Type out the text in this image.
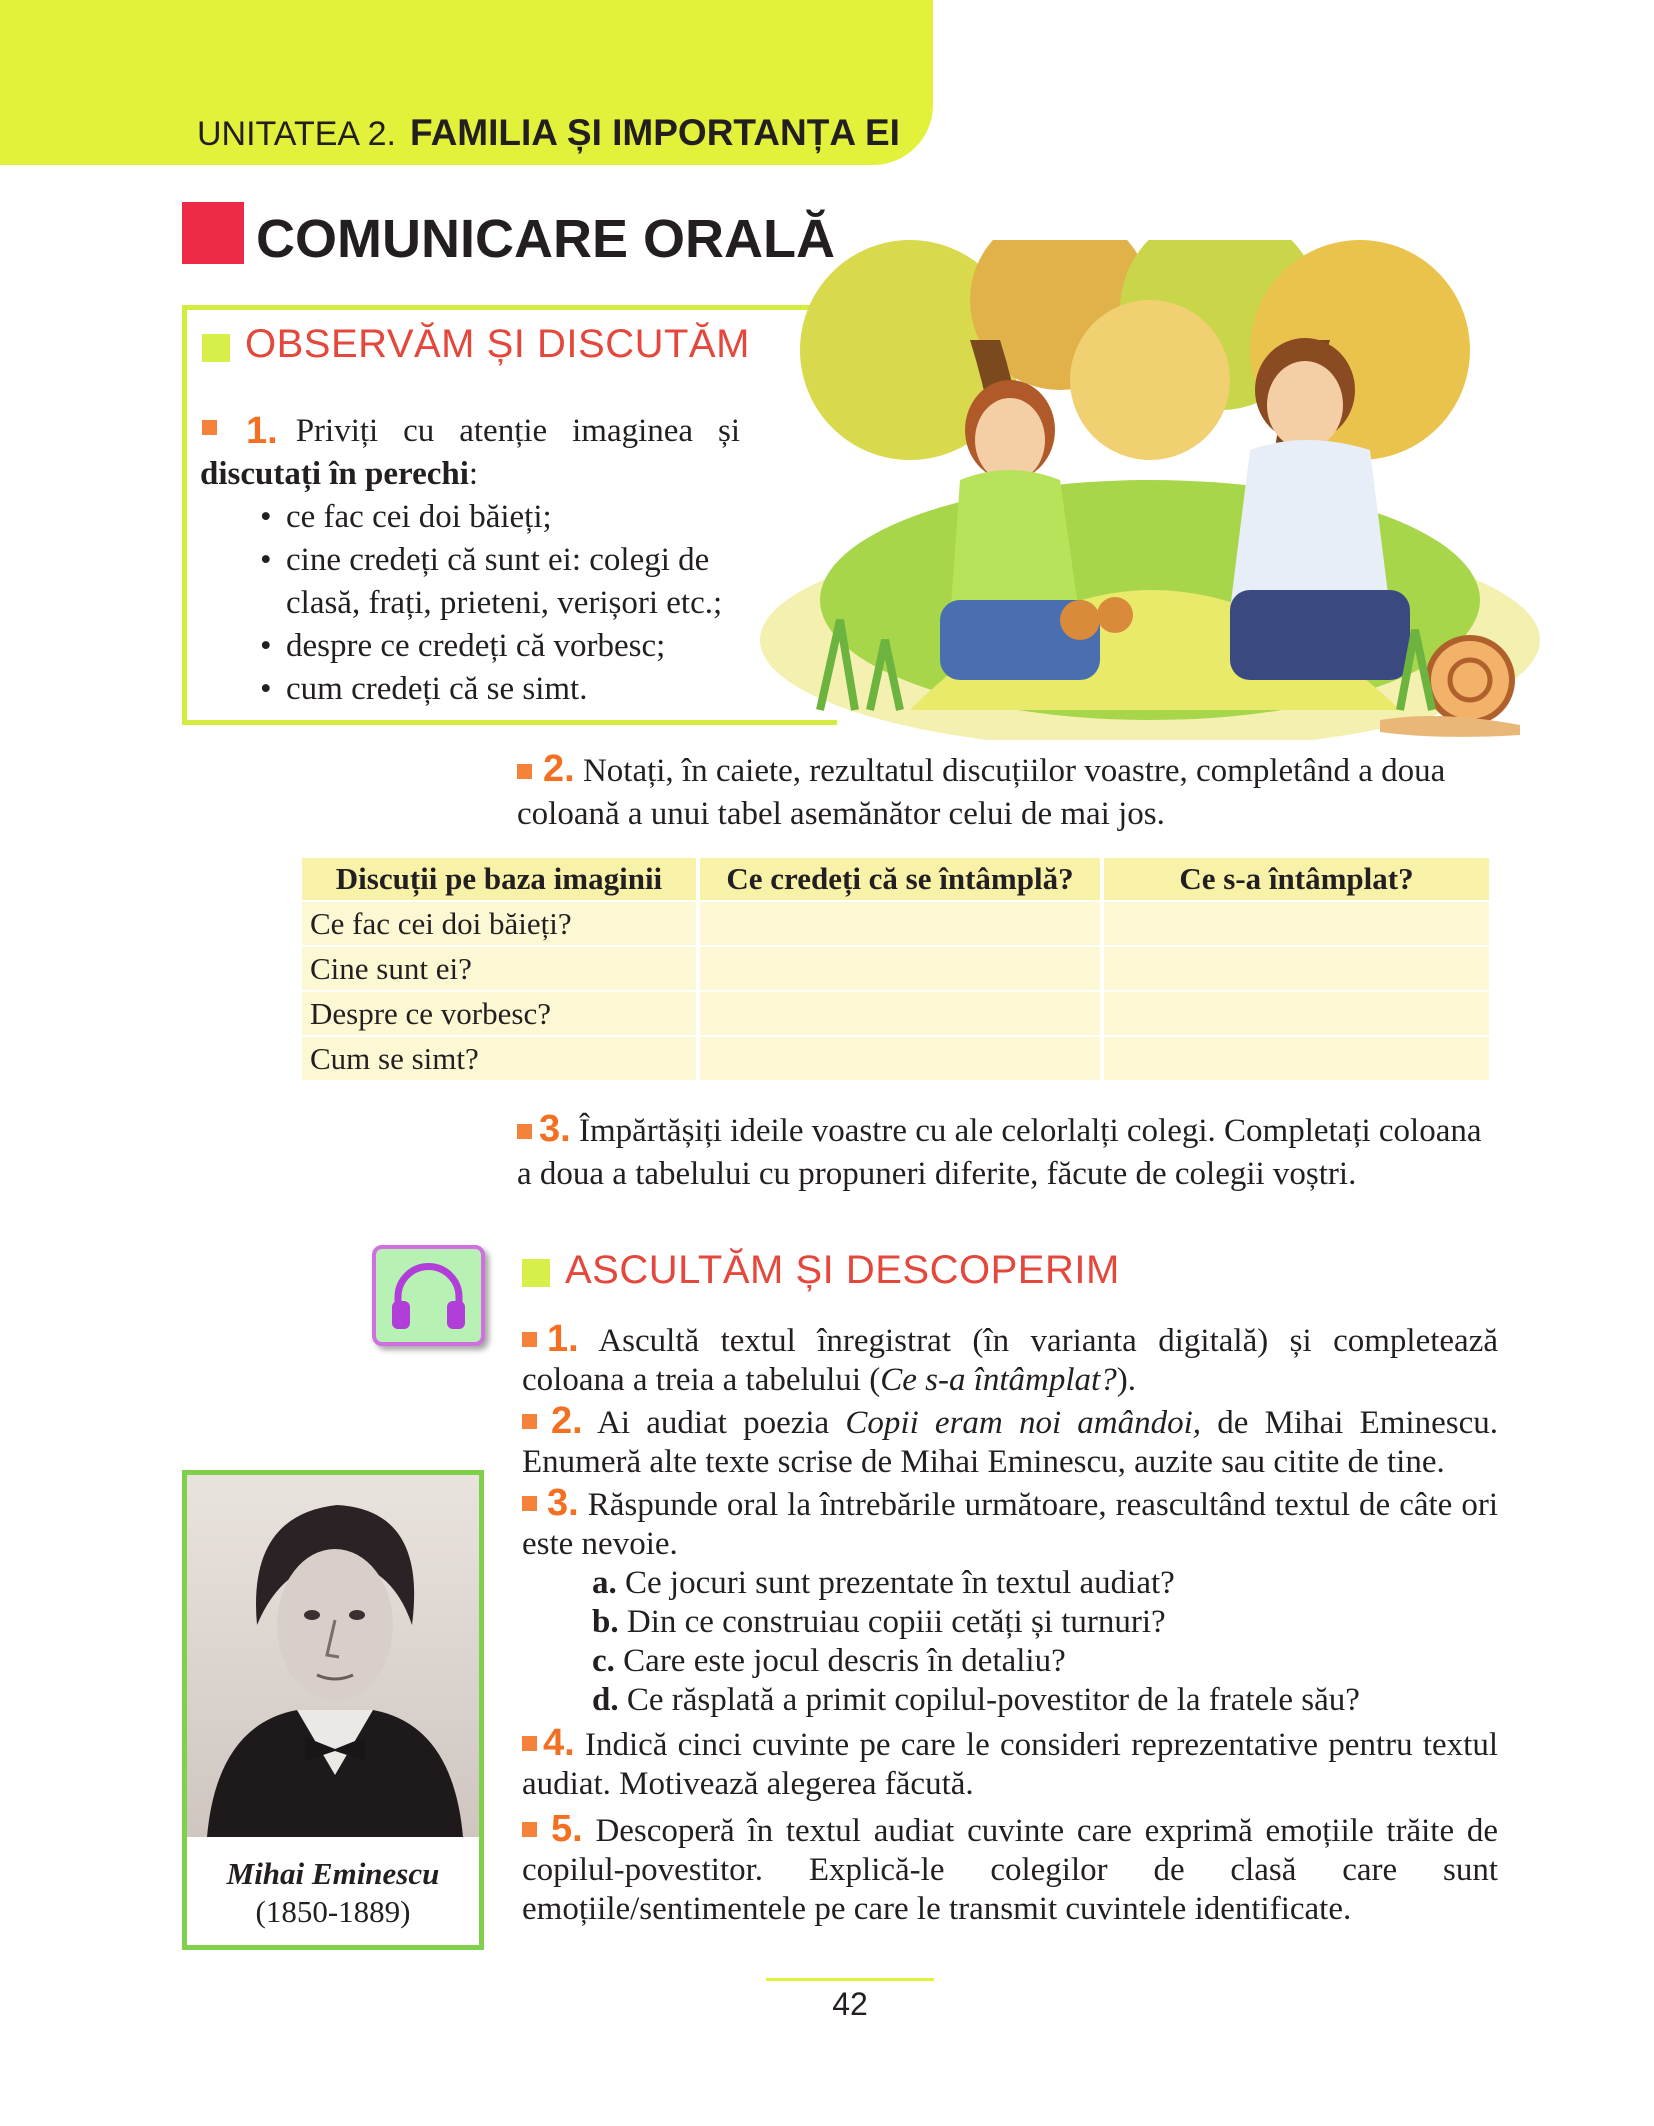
UNITATEA 2. FAMILIA ȘI IMPORTANȚA EI
COMUNICARE ORALĂ
OBSERVĂM ȘI DISCUTĂM
1. Priviți cu atenție imaginea și
discutați în perechi:
• ce fac cei doi băieți;
• cine credeți că sunt ei: colegi de clasă, frați, prieteni, verișori etc.;
• despre ce credeți că vorbesc;
• cum credeți că se simt.
2. Notați, în caiete, rezultatul discuțiilor voastre, completând a doua coloană a unui tabel asemănător celui de mai jos.
Discuții pe baza imaginii	Ce credeți că se întâmplă?	Ce s-a întâmplat?
Ce fac cei doi băieți?		
Cine sunt ei?		
Despre ce vorbesc?		
Cum se simt?		
3. Împărtășiți ideile voastre cu ale celorlalți colegi. Completați coloana a doua a tabelului cu propuneri diferite, făcute de colegii voștri.
ASCULTĂM ȘI DESCOPERIM
1. Ascultă textul înregistrat (în varianta digitală) și completează coloana a treia a tabelului (Ce s-a întâmplat?).
2. Ai audiat poezia Copii eram noi amândoi, de Mihai Eminescu. Enumeră alte texte scrise de Mihai Eminescu, auzite sau citite de tine.
3. Răspunde oral la întrebările următoare, reascultând textul de câte ori este nevoie.
a. Ce jocuri sunt prezentate în textul audiat?
b. Din ce construiau copiii cetăți și turnuri?
c. Care este jocul descris în detaliu?
d. Ce răsplată a primit copilul-povestitor de la fratele său?
4. Indică cinci cuvinte pe care le consideri reprezentative pentru textul audiat. Motivează alegerea făcută.
5. Descoperă în textul audiat cuvinte care exprimă emoțiile trăite de copilul-povestitor. Explică-le colegilor de clasă care sunt emoțiile/sentimentele pe care le transmit cuvintele identificate.
Mihai Eminescu
(1850-1889)
42
